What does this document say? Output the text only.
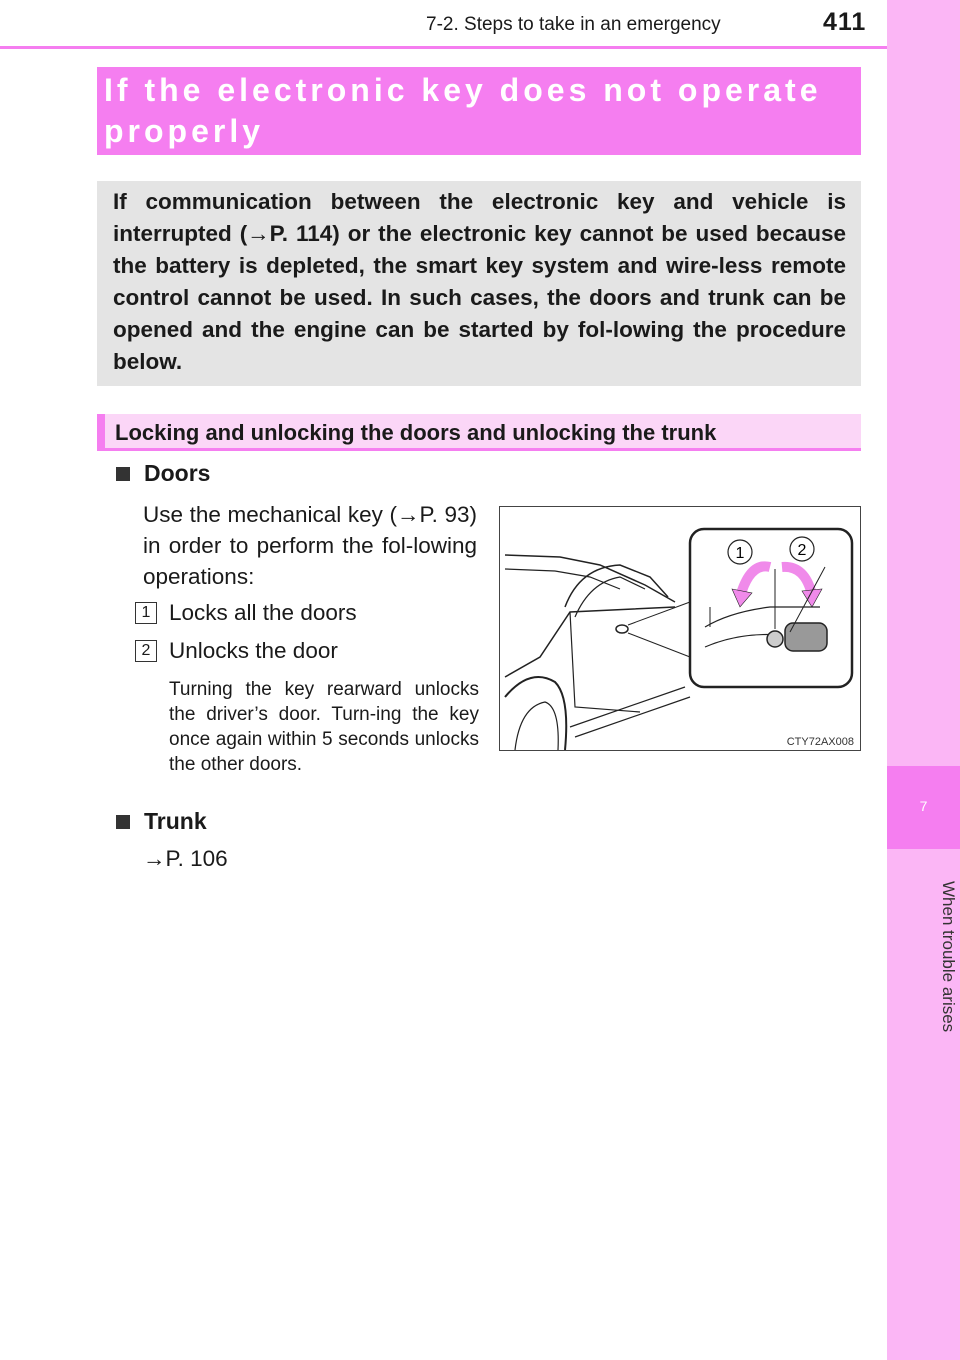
7-2. Steps to take in an emergency	411
7
When trouble arises
If the electronic key does not operate properly

If communication between the electronic key and vehicle is interrupted (→P. 114) or the electronic key cannot be used because the battery is depleted, the smart key system and wire-less remote control cannot be used. In such cases, the doors and trunk can be opened and the engine can be started by fol-lowing the procedure below.

Locking and unlocking the doors and unlocking the trunk
Doors

Use the mechanical key (→P. 93) in order to perform the fol-lowing operations:

1 Locks all the doors
2 Unlocks the door

Turning the key rearward unlocks the driver’s door. Turn-ing the key once again within 5 seconds unlocks the other doors.

Trunk
→P. 106
1	2
CTY72AX008
